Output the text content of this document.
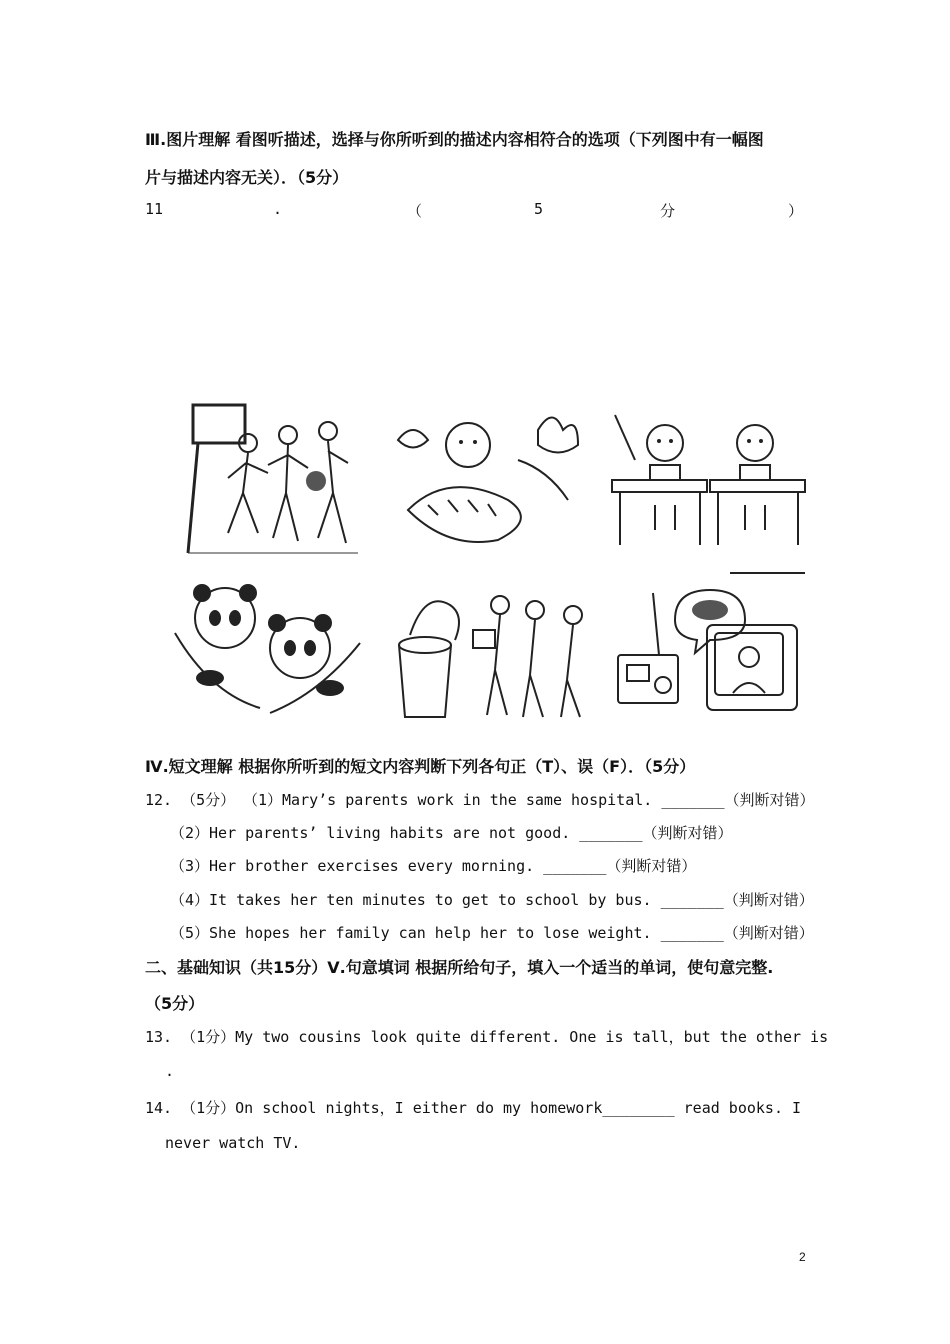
Ⅲ.图片理解 看图听描述，选择与你所听到的描述内容相符合的选项（下列图中有一幅图
片与描述内容无关）．（5分）
11	.	（	5	分	）
Ⅳ.短文理解 根据你所听到的短文内容判断下列各句正（T）、误（F）．（5分）
12. （5分） （1）Mary’s parents work in the same hospital. _______（判断对错）
（2）Her parents’ living habits are not good. _______（判断对错）
（3）Her brother exercises every morning. _______（判断对错）
（4）It takes her ten minutes to get to school by bus. _______（判断对错）
（5）She hopes her family can help her to lose weight. _______（判断对错）
二、基础知识（共15分）Ⅴ.句意填词 根据所给句子，填入一个适当的单词，使句意完整.
（5分）
13. （1分）My two cousins look quite different. One is tall，but the other is
.
14. （1分）On school nights，I either do my homework________ read books. I
never watch TV.
2
